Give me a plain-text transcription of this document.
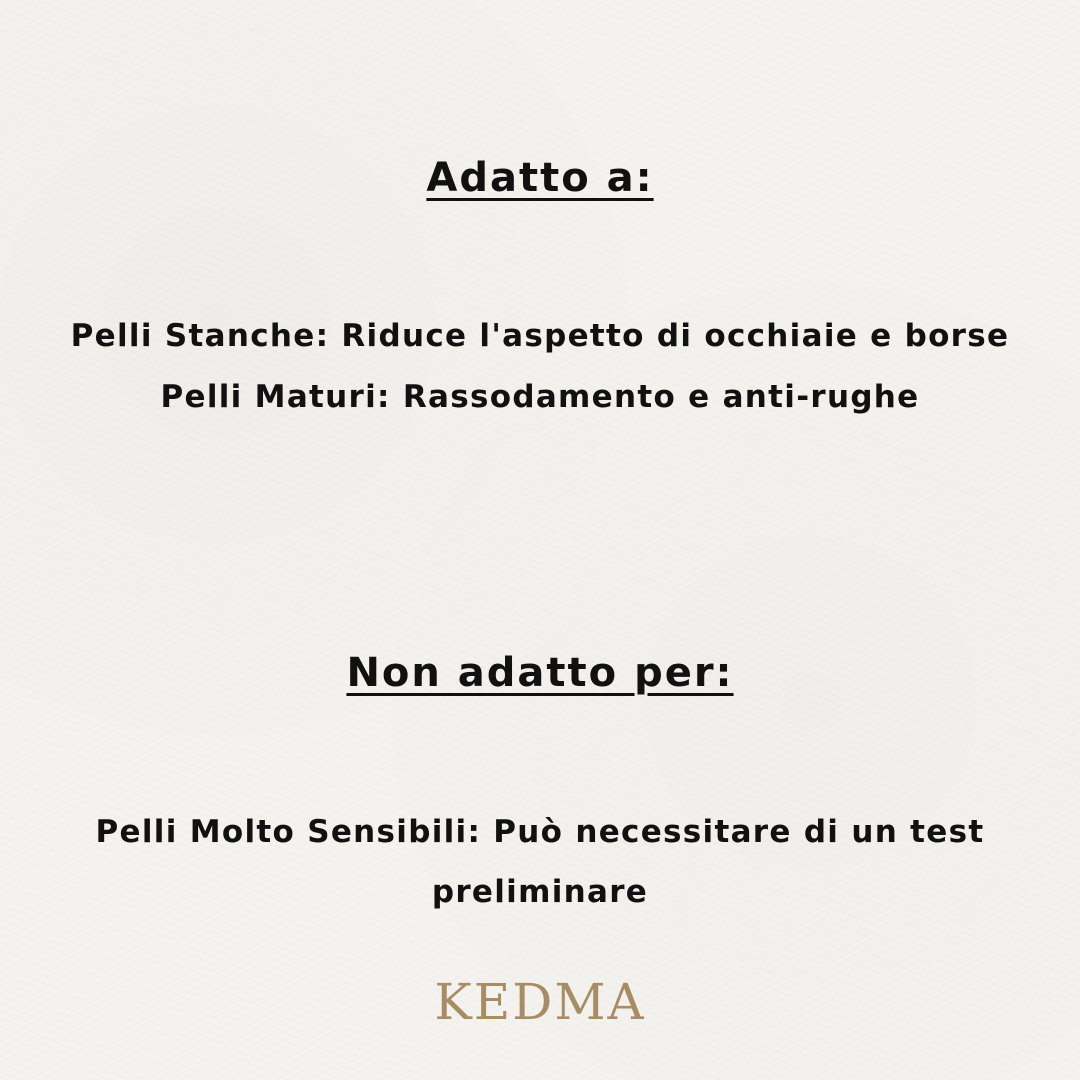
Adatto a:

Pelli Stanche: Riduce l'aspetto di occhiaie e borse

Pelli Maturi: Rassodamento e anti-rughe

Non adatto per:

Pelli Molto Sensibili: Può necessitare di un test

preliminare

KEDMA
